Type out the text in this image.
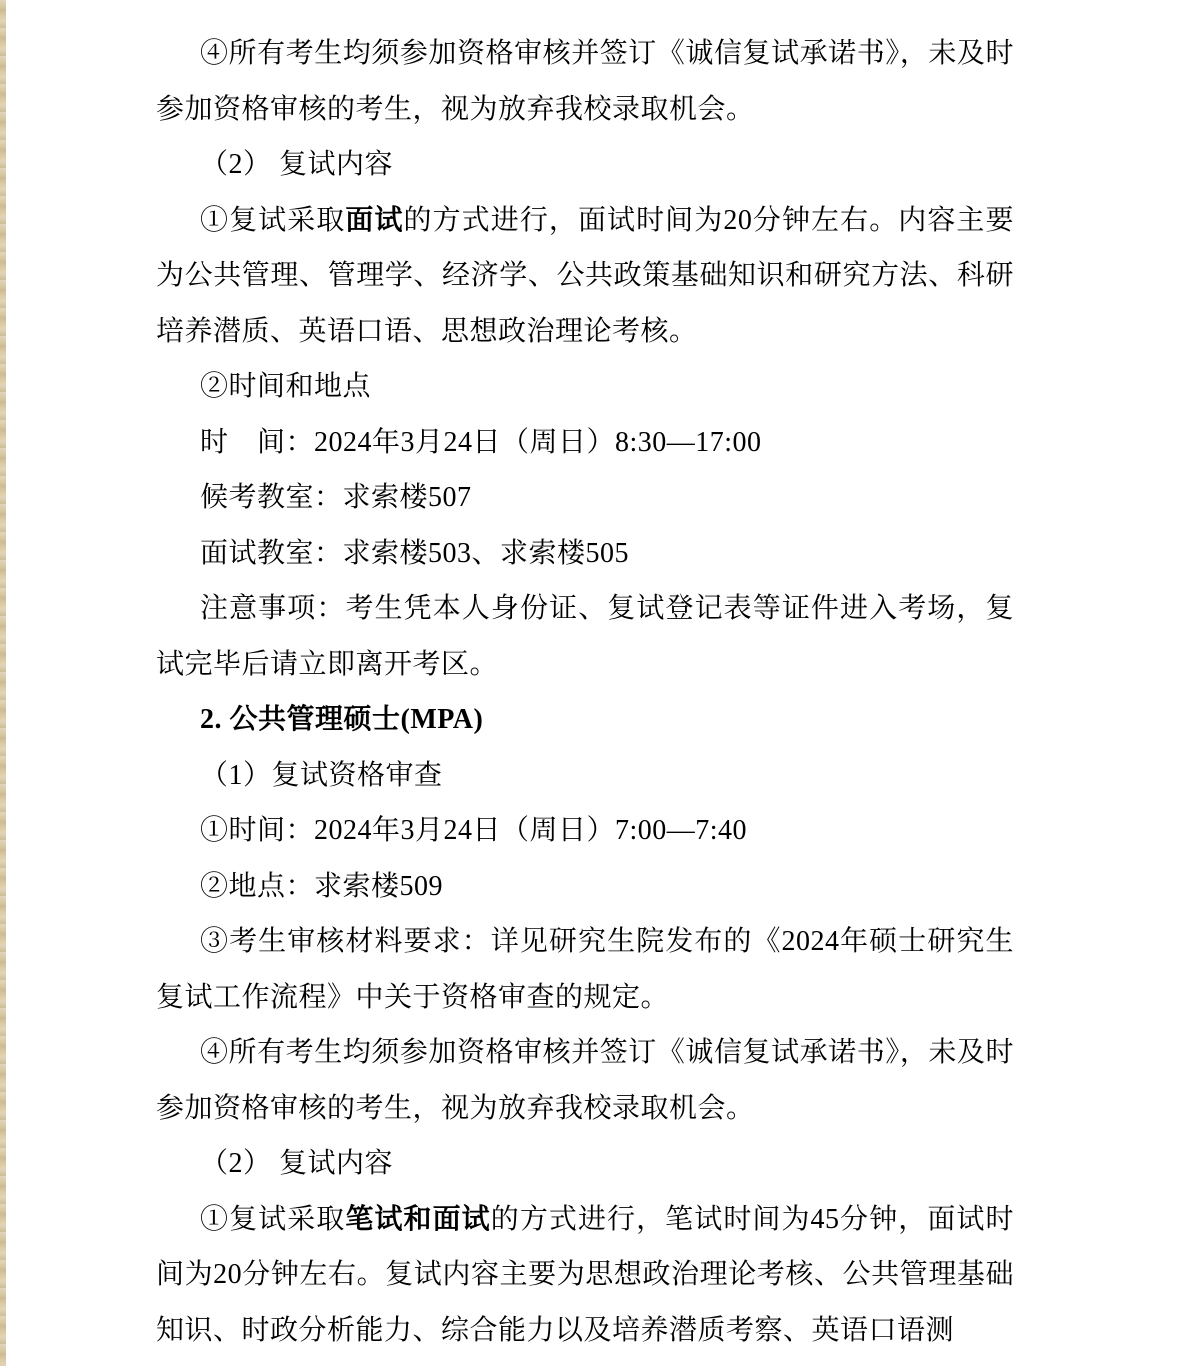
④所有考生均须参加资格审核并签订《诚信复试承诺书》，未及时参加资格审核的考生，视为放弃我校录取机会。

（2） 复试内容

①复试采取面试的方式进行，面试时间为20分钟左右。内容主要为公共管理、管理学、经济学、公共政策基础知识和研究方法、科研培养潜质、英语口语、思想政治理论考核。

②时间和地点

时　间：2024年3月24日（周日）8:30—17:00

候考教室：求索楼507

面试教室：求索楼503、求索楼505

注意事项：考生凭本人身份证、复试登记表等证件进入考场，复试完毕后请立即离开考区。

2. 公共管理硕士(MPA)

（1）复试资格审查

①时间：2024年3月24日（周日）7:00—7:40

②地点：求索楼509

③考生审核材料要求：详见研究生院发布的《2024年硕士研究生复试工作流程》中关于资格审查的规定。

④所有考生均须参加资格审核并签订《诚信复试承诺书》，未及时参加资格审核的考生，视为放弃我校录取机会。

（2） 复试内容

①复试采取笔试和面试的方式进行，笔试时间为45分钟，面试时间为20分钟左右。复试内容主要为思想政治理论考核、公共管理基础知识、时政分析能力、综合能力以及培养潜质考察、英语口语测
